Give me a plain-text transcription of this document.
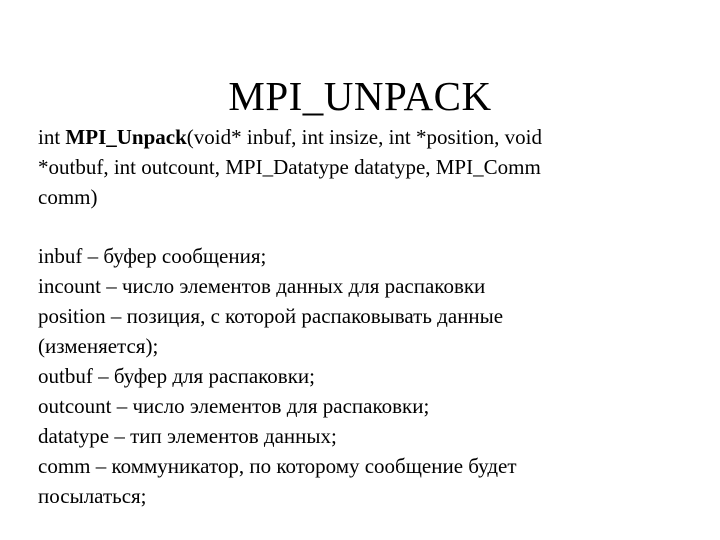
MPI_UNPACK
int MPI_Unpack(void* inbuf, int insize, int *position, void
*outbuf, int outcount, MPI_Datatype datatype, MPI_Comm
comm)
inbuf – буфер сообщения;
incount – число элементов данных для распаковки
position – позиция, с которой распаковывать данные
(изменяется);
outbuf – буфер для распаковки;
outcount – число элементов для распаковки;
datatype – тип элементов данных;
comm – коммуникатор, по которому сообщение будет
посылаться;
